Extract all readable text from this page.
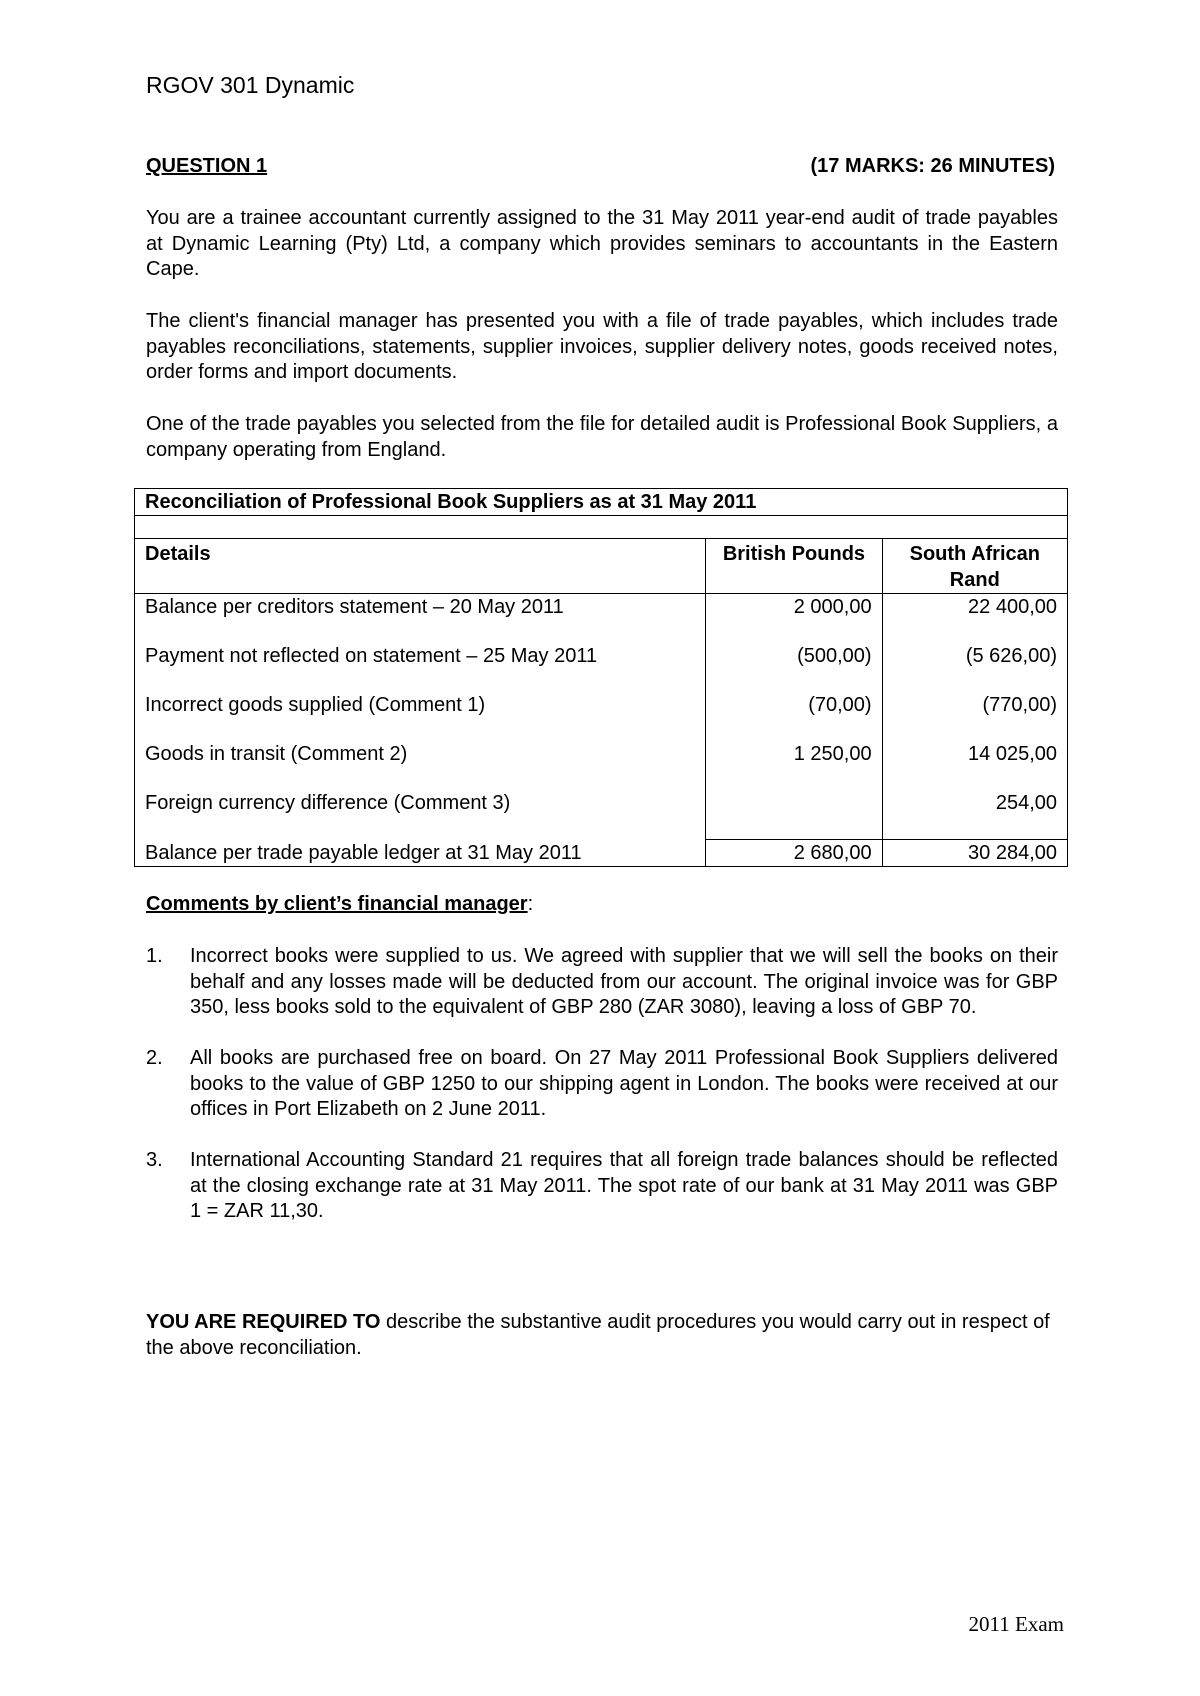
RGOV 301 Dynamic
QUESTION 1	(17 MARKS: 26 MINUTES)
You are a trainee accountant currently assigned to the 31 May 2011 year-end audit of trade payables at Dynamic Learning (Pty) Ltd, a company which provides seminars to accountants in the Eastern Cape.
The client's financial manager has presented you with a file of trade payables, which includes trade payables reconciliations, statements, supplier invoices, supplier delivery notes, goods received notes, order forms and import documents.
One of the trade payables you selected from the file for detailed audit is Professional Book Suppliers, a company operating from England.
Reconciliation of Professional Book Suppliers as at 31 May 2011		

Details	British Pounds	South African Rand
Balance per creditors statement – 20 May 2011	2 000,00	22 400,00
Payment not reflected on statement – 25 May 2011	(500,00)	(5 626,00)
Incorrect goods supplied (Comment 1)	(70,00)	(770,00)
Goods in transit (Comment 2)	1 250,00	14 025,00
Foreign currency difference (Comment 3)		254,00
Balance per trade payable ledger at 31 May 2011	2 680,00	30 284,00
Comments by client’s financial manager:
1. Incorrect books were supplied to us. We agreed with supplier that we will sell the books on their behalf and any losses made will be deducted from our account. The original invoice was for GBP 350, less books sold to the equivalent of GBP 280 (ZAR 3080), leaving a loss of GBP 70.
2. All books are purchased free on board. On 27 May 2011 Professional Book Suppliers delivered books to the value of GBP 1250 to our shipping agent in London. The books were received at our offices in Port Elizabeth on 2 June 2011.
3. International Accounting Standard 21 requires that all foreign trade balances should be reflected at the closing exchange rate at 31 May 2011. The spot rate of our bank at 31 May 2011 was GBP 1 = ZAR 11,30.
YOU ARE REQUIRED TO describe the substantive audit procedures you would carry out in respect of the above reconciliation.
2011 Exam
